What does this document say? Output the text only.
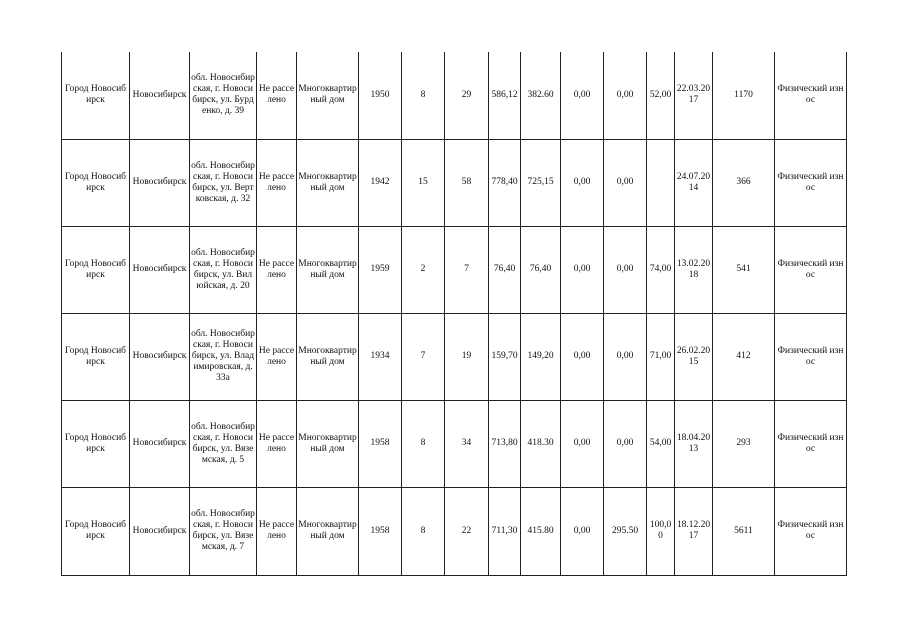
Город Новосибирск	Новосибирск	обл. Новосибирская, г. Новосибирск, ул. Бурденко, д. 39	Не расселено	Многоквартирный дом	1950	8	29	586,12	382.60	0,00	0,00	52,00	22.03.2017	1170	Физический износ
Город Новосибирск	Новосибирск	обл. Новосибирская, г. Новосибирск, ул. Вертковская, д. 32	Не расселено	Многоквартирный дом	1942	15	58	778,40	725,15	0,00	0,00		24.07.2014	366	Физический износ
Город Новосибирск	Новосибирск	обл. Новосибирская, г. Новосибирск, ул. Вилюйская, д. 20	Не расселено	Многоквартирный дом	1959	2	7	76,40	76,40	0,00	0,00	74,00	13.02.2018	541	Физический износ
Город Новосибирск	Новосибирск	обл. Новосибирская, г. Новосибирск, ул. Владимировская, д. 33а	Не расселено	Многоквартирный дом	1934	7	19	159,70	149,20	0,00	0,00	71,00	26.02.2015	412	Физический износ
Город Новосибирск	Новосибирск	обл. Новосибирская, г. Новосибирск, ул. Вяземская, д. 5	Не расселено	Многоквартирный дом	1958	8	34	713,80	418.30	0,00	0,00	54,00	18.04.2013	293	Физический износ
Город Новосибирск	Новосибирск	обл. Новосибирская, г. Новосибирск, ул. Вяземская, д. 7	Не расселено	Многоквартирный дом	1958	8	22	711,30	415.80	0,00	295.50	100,00	18.12.2017	5611	Физический износ
